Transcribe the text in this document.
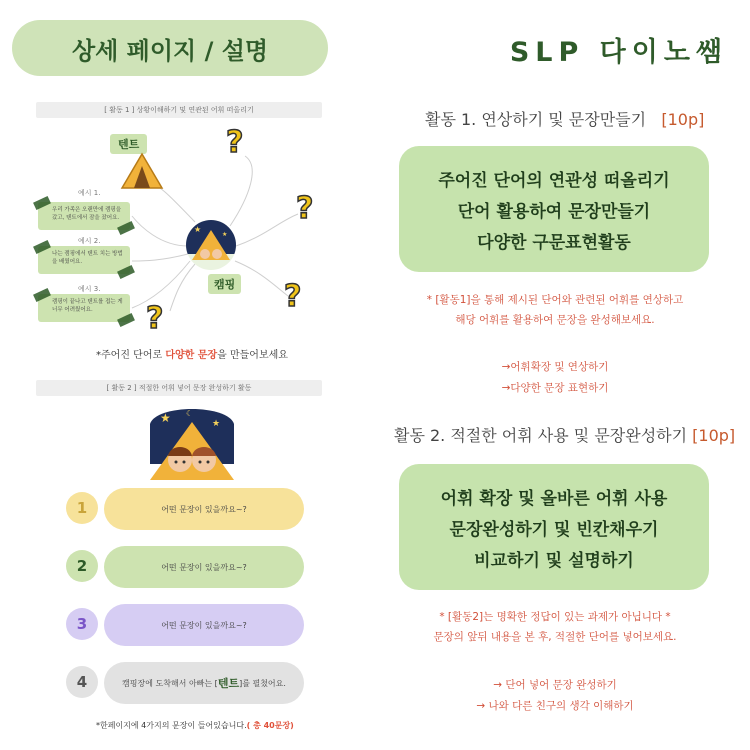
상세 페이지 / 설명	SLP 다이노쌤
[ 활동 1 ] 상황이해하기 및 연관된 어휘 떠올리기
텐트	?
?
?
?
예시 1.
우리 가족은 오랜만에 캠핑을 갔고, 텐트에서 잠을 잤어요.
예시 2.
나는 캠핑에서 텐트 치는 방법을 배웠어요.
예시 3.
캠핑이 끝나고 텐트를 접는 게 너무 어려웠어요.
★
★
캠핑
*주어진 단어로 다양한 문장을 만들어보세요
[ 활동 2 ] 적절한 어휘 넣어 문장 완성하기 활동
★	★
☾
1	어떤 문장이 있을까요~?
2	어떤 문장이 있을까요~?
3	어떤 문장이 있을까요~?
4	캠핑장에 도착해서 아빠는 [ 텐트 ]를 펼쳤어요.
*한페이지에 4가지의 문장이 들어있습니다.( 총 40문장)
활동 1. 연상하기 및 문장만들기 [10p]
주어진 단어의 연관성 떠올리기
단어 활용하여 문장만들기
다양한 구문표현활동
* [활동1]을 통해 제시된 단어와 관련된 어휘를 연상하고
해당 어휘를 활용하여 문장을 완성해보세요.
→어휘확장 및 연상하기
→다양한 문장 표현하기
활동 2. 적절한 어휘 사용 및 문장완성하기 [10p]
어휘 확장 및 올바른 어휘 사용
문장완성하기 및 빈칸채우기
비교하기 및 설명하기
* [활동2]는 명확한 정답이 있는 과제가 아닙니다 *
문장의 앞뒤 내용을 본 후, 적절한 단어를 넣어보세요.
→ 단어 넣어 문장 완성하기
→ 나와 다른 친구의 생각 이해하기
